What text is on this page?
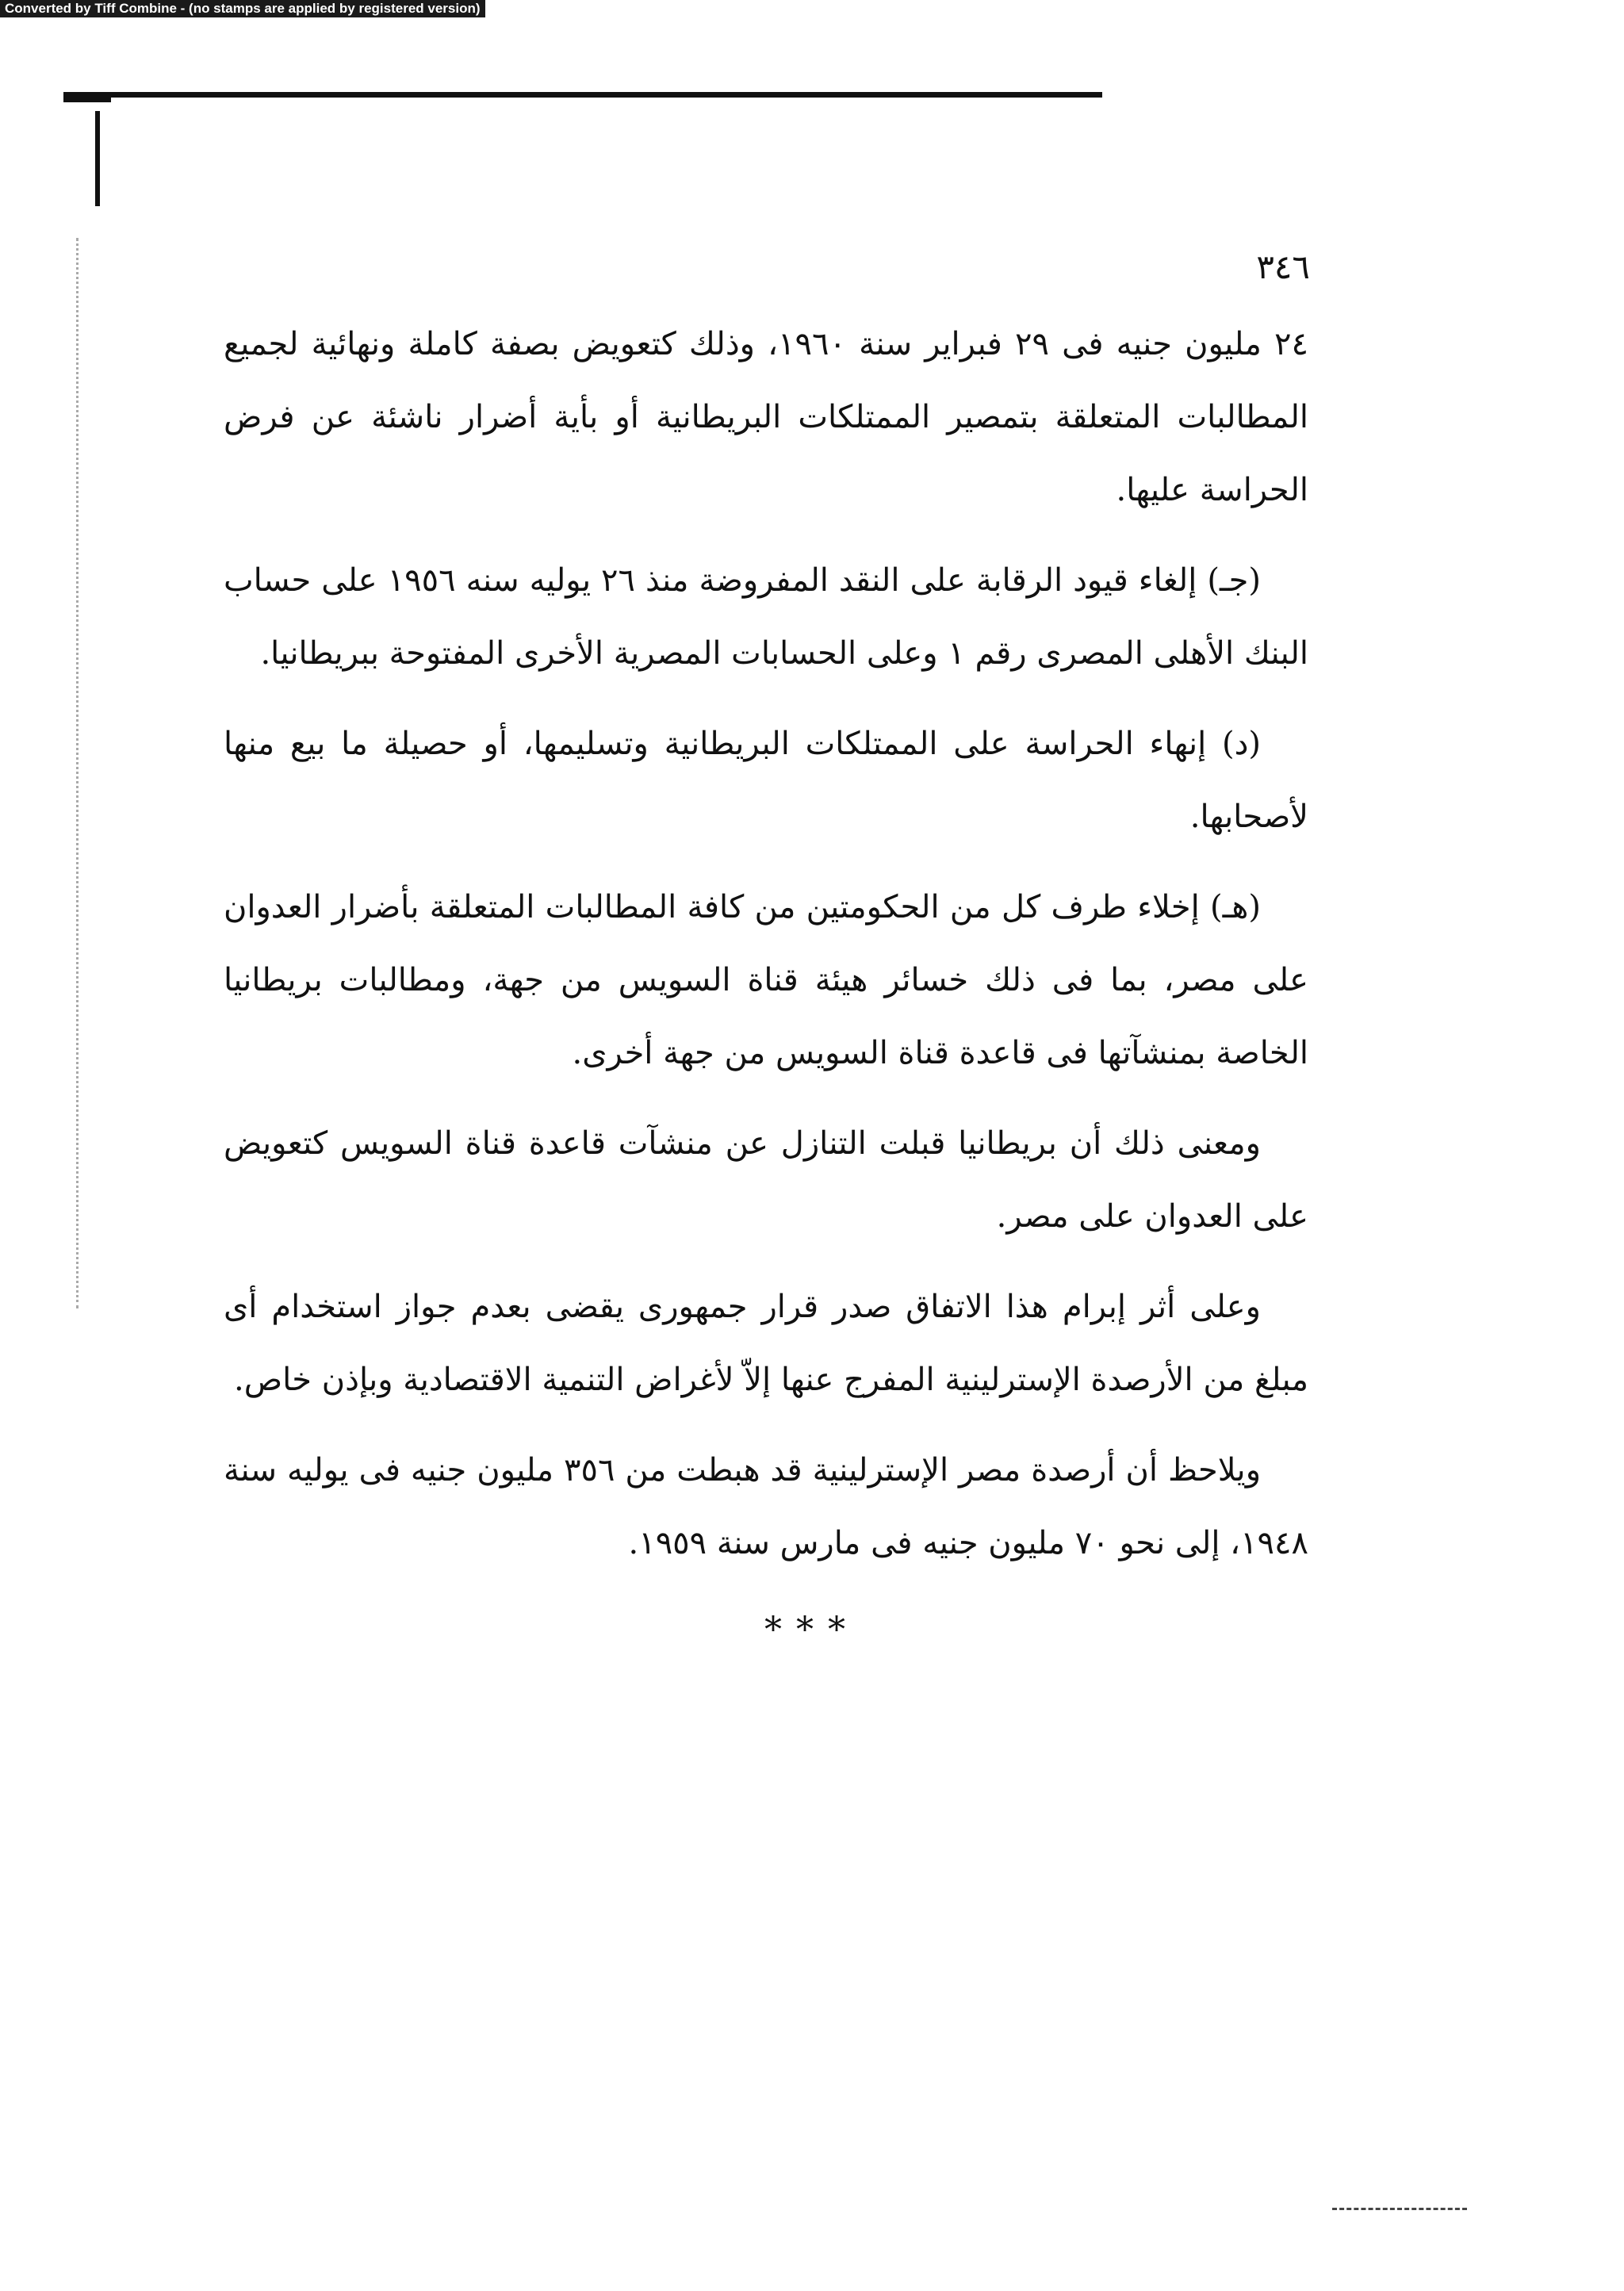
Converted by Tiff Combine - (no stamps are applied by registered version)
٣٤٦

٢٤ مليون جنيه فى ٢٩ فبراير سنة ١٩٦٠، وذلك كتعويض بصفة كاملة ونهائية لجميع المطالبات المتعلقة بتمصير الممتلكات البريطانية أو بأية أضرار ناشئة عن فرض الحراسة عليها.

(جـ) إلغاء قيود الرقابة على النقد المفروضة منذ ٢٦ يوليه سنه ١٩٥٦ على حساب البنك الأهلى المصرى رقم ١ وعلى الحسابات المصرية الأخرى المفتوحة ببريطانيا.

(د) إنهاء الحراسة على الممتلكات البريطانية وتسليمها، أو حصيلة ما بيع منها لأصحابها.

(هـ) إخلاء طرف كل من الحكومتين من كافة المطالبات المتعلقة بأضرار العدوان على مصر، بما فى ذلك خسائر هيئة قناة السويس من جهة، ومطالبات بريطانيا الخاصة بمنشآتها فى قاعدة قناة السويس من جهة أخرى.

ومعنى ذلك أن بريطانيا قبلت التنازل عن منشآت قاعدة قناة السويس كتعويض على العدوان على مصر.

وعلى أثر إبرام هذا الاتفاق صدر قرار جمهورى يقضى بعدم جواز استخدام أى مبلغ من الأرصدة الإسترلينية المفرج عنها إلاّ لأغراض التنمية الاقتصادية وبإذن خاص.

ويلاحظ أن أرصدة مصر الإسترلينية قد هبطت من ٣٥٦ مليون جنيه فى يوليه سنة ١٩٤٨، إلى نحو ٧٠ مليون جنيه فى مارس سنة ١٩٥٩.

***
